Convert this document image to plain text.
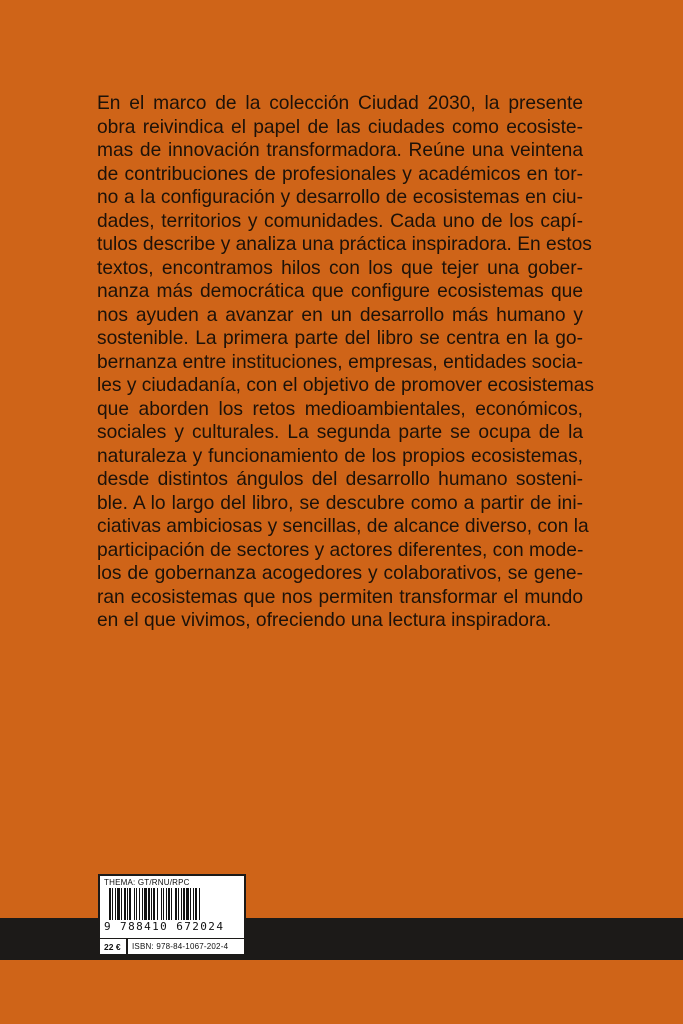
En el marco de la colección Ciudad 2030, la presente
obra reivindica el papel de las ciudades como ecosiste-
mas de innovación transformadora. Reúne una veintena
de contribuciones de profesionales y académicos en tor-
no a la configuración y desarrollo de ecosistemas en ciu-
dades, territorios y comunidades. Cada uno de los capí-
tulos describe y analiza una práctica inspiradora. En estos
textos, encontramos hilos con los que tejer una gober-
nanza más democrática que configure ecosistemas que
nos ayuden a avanzar en un desarrollo más humano y
sostenible. La primera parte del libro se centra en la go-
bernanza entre instituciones, empresas, entidades socia-
les y ciudadanía, con el objetivo de promover ecosistemas
que aborden los retos medioambientales, económicos,
sociales y culturales. La segunda parte se ocupa de la
naturaleza y funcionamiento de los propios ecosistemas,
desde distintos ángulos del desarrollo humano sosteni-
ble. A lo largo del libro, se descubre como a partir de ini-
ciativas ambiciosas y sencillas, de alcance diverso, con la
participación de sectores y actores diferentes, con mode-
los de gobernanza acogedores y colaborativos, se gene-
ran ecosistemas que nos permiten transformar el mundo
en el que vivimos, ofreciendo una lectura inspiradora.
THEMA: GT/RNU/RPC
9 788410 672024
22 € ISBN: 978-84-1067-202-4
